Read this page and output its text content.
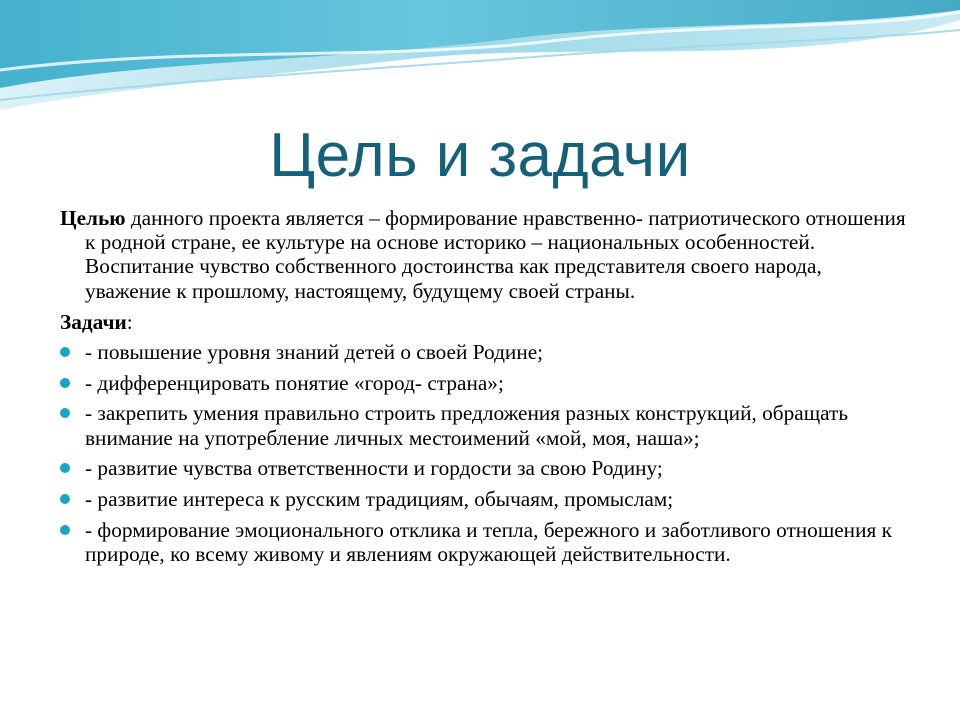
Цель и задачи

Целью данного проекта является – формирование нравственно- патриотического отношения к родной стране, ее культуре на основе историко – национальных особенностей. Воспитание чувство собственного достоинства как представителя своего народа, уважение к прошлому, настоящему, будущему своей страны.

Задачи:

- повышение уровня знаний детей о своей Родине;
- дифференцировать понятие «город- страна»;
- закрепить умения правильно строить предложения разных конструкций, обращать внимание на употребление личных местоимений «мой, моя, наша»;
- развитие чувства ответственности и гордости за свою Родину;
- развитие интереса к русским традициям, обычаям, промыслам;
- формирование эмоционального отклика и тепла, бережного и заботливого отношения к природе, ко всему живому и явлениям окружающей действительности.
